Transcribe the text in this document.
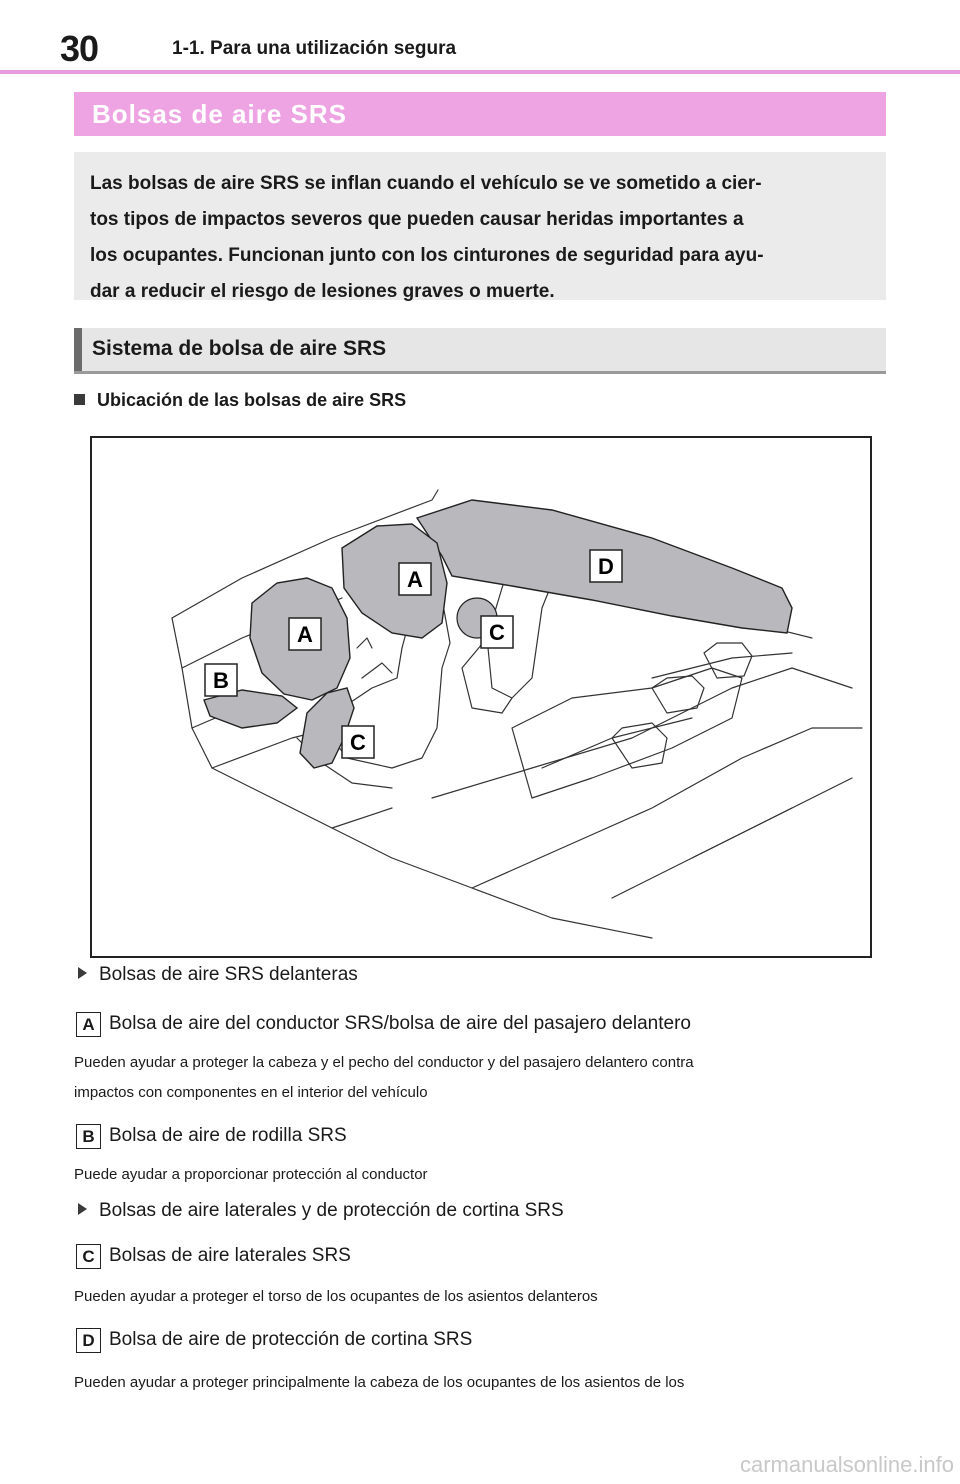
30	1-1. Para una utilización segura
Bolsas de aire SRS

Las bolsas de aire SRS se inflan cuando el vehículo se ve sometido a cier-

tos tipos de impactos severos que pueden causar heridas importantes a

los ocupantes. Funcionan junto con los cinturones de seguridad para ayu-

dar a reducir el riesgo de lesiones graves o muerte.

Sistema de bolsa de aire SRS
Ubicación de las bolsas de aire SRS
A
A
B
C
C
D
Bolsas de aire SRS delanteras
A Bolsa de aire del conductor SRS/bolsa de aire del pasajero delantero
Pueden ayudar a proteger la cabeza y el pecho del conductor y del pasajero delantero contra
impactos con componentes en el interior del vehículo
B Bolsa de aire de rodilla SRS
Puede ayudar a proporcionar protección al conductor
Bolsas de aire laterales y de protección de cortina SRS
C Bolsas de aire laterales SRS
Pueden ayudar a proteger el torso de los ocupantes de los asientos delanteros
D Bolsa de aire de protección de cortina SRS
Pueden ayudar a proteger principalmente la cabeza de los ocupantes de los asientos de los
carmanualsonline.info
